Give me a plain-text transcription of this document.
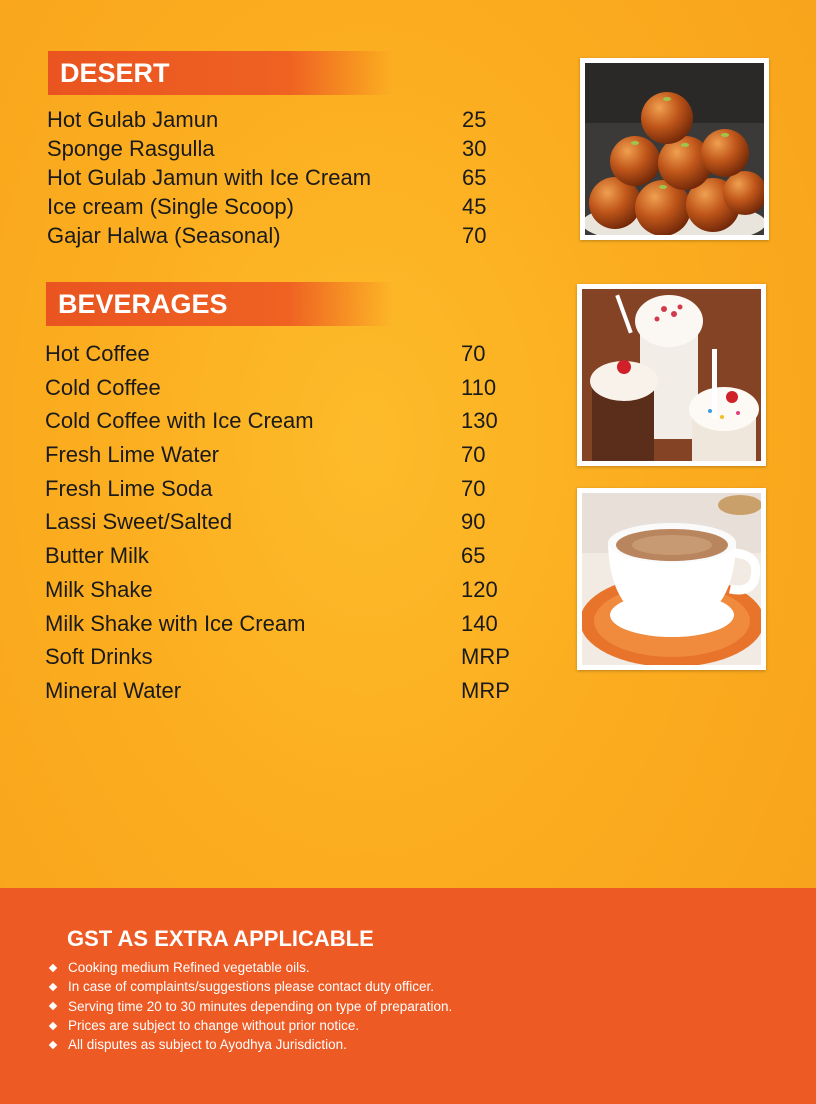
DESERT
Hot Gulab Jamun	25
Sponge Rasgulla	30
Hot Gulab Jamun with Ice Cream	65
Ice cream (Single Scoop)	45
Gajar Halwa (Seasonal)	70
BEVERAGES
Hot Coffee	70
Cold Coffee	110
Cold Coffee with Ice Cream	130
Fresh Lime Water	70
Fresh Lime Soda	70
Lassi Sweet/Salted	90
Butter Milk	65
Milk Shake	120
Milk Shake with Ice Cream	140
Soft Drinks	MRP
Mineral Water	MRP
GST AS EXTRA APPLICABLE
Cooking medium Refined vegetable oils.
In case of complaints/suggestions please contact duty officer.
Serving time 20 to 30 minutes depending on type of preparation.
Prices are subject to change without prior notice.
All disputes as subject to Ayodhya Jurisdiction.
